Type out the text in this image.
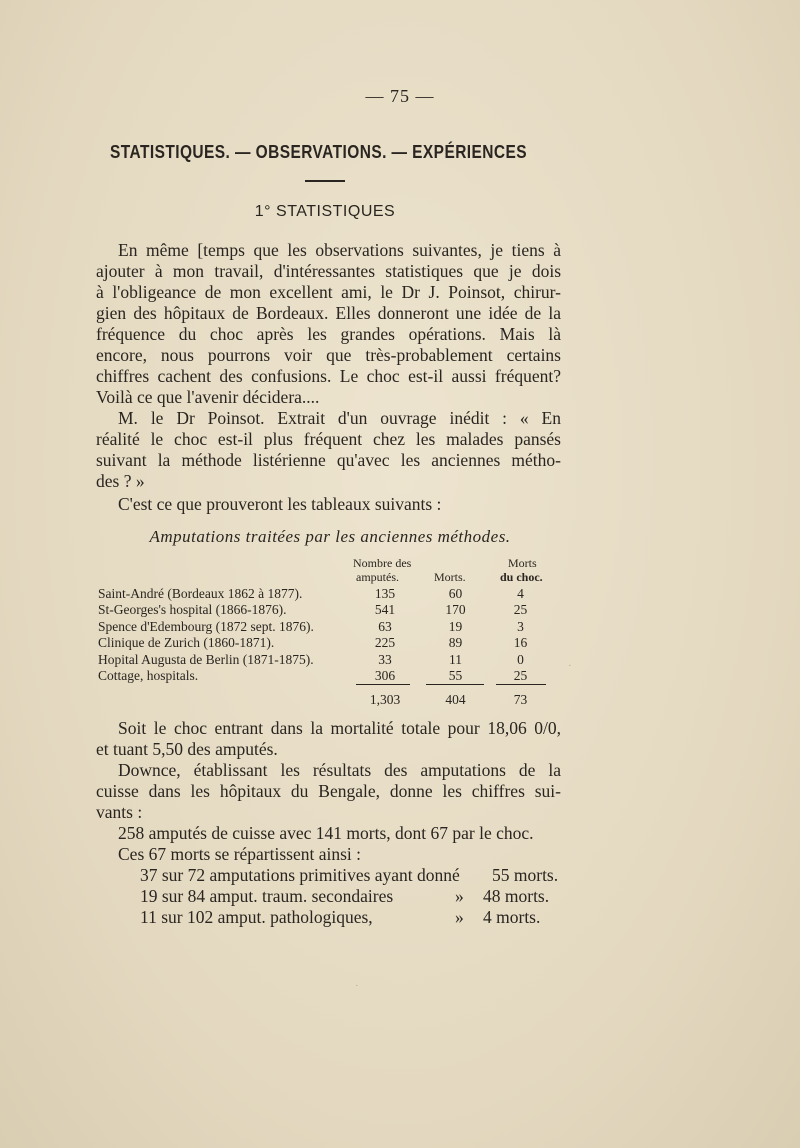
— 75 —
STATISTIQUES. — OBSERVATIONS. — EXPÉRIENCES
1° STATISTIQUES
En même [temps que les observations suivantes, je tiens à
ajouter à mon travail, d'intéressantes statistiques que je dois
à l'obligeance de mon excellent ami, le Dr J. Poinsot, chirur-
gien des hôpitaux de Bordeaux. Elles donneront une idée de la
fréquence du choc après les grandes opérations. Mais là
encore, nous pourrons voir que très-probablement certains
chiffres cachent des confusions. Le choc est-il aussi fréquent?
Voilà ce que l'avenir décidera....
M. le Dr Poinsot. Extrait d'un ouvrage inédit : « En
réalité le choc est-il plus fréquent chez les malades pansés
suivant la méthode listérienne qu'avec les anciennes métho-
des ? »
C'est ce que prouveront les tableaux suivants :
Amputations traitées par les anciennes méthodes.
Nombre des
amputés.	Morts.
Morts
du choc.
Saint-André (Bordeaux 1862 à 1877).	135	60	4
St-Georges's hospital (1866-1876).	541	170	25
Spence d'Edembourg (1872 sept. 1876).	63	19	3
Clinique de Zurich (1860-1871).	225	89	16
Hopital Augusta de Berlin (1871-1875).	33	11	0
Cottage, hospitals.	306	55	25
1,303	404	73
Soit le choc entrant dans la mortalité totale pour 18,06 0/0,
et tuant 5,50 des amputés.
Downce, établissant les résultats des amputations de la
cuisse dans les hôpitaux du Bengale, donne les chiffres sui-
vants :
258 amputés de cuisse avec 141 morts, dont 67 par le choc.
Ces 67 morts se répartissent ainsi :
37 sur 72 amputations primitives ayant donné 55 morts.
19 sur 84 amput. traum. secondaires	» 48 morts.
11 sur 102 amput. pathologiques,	» 4 morts.
·
·
